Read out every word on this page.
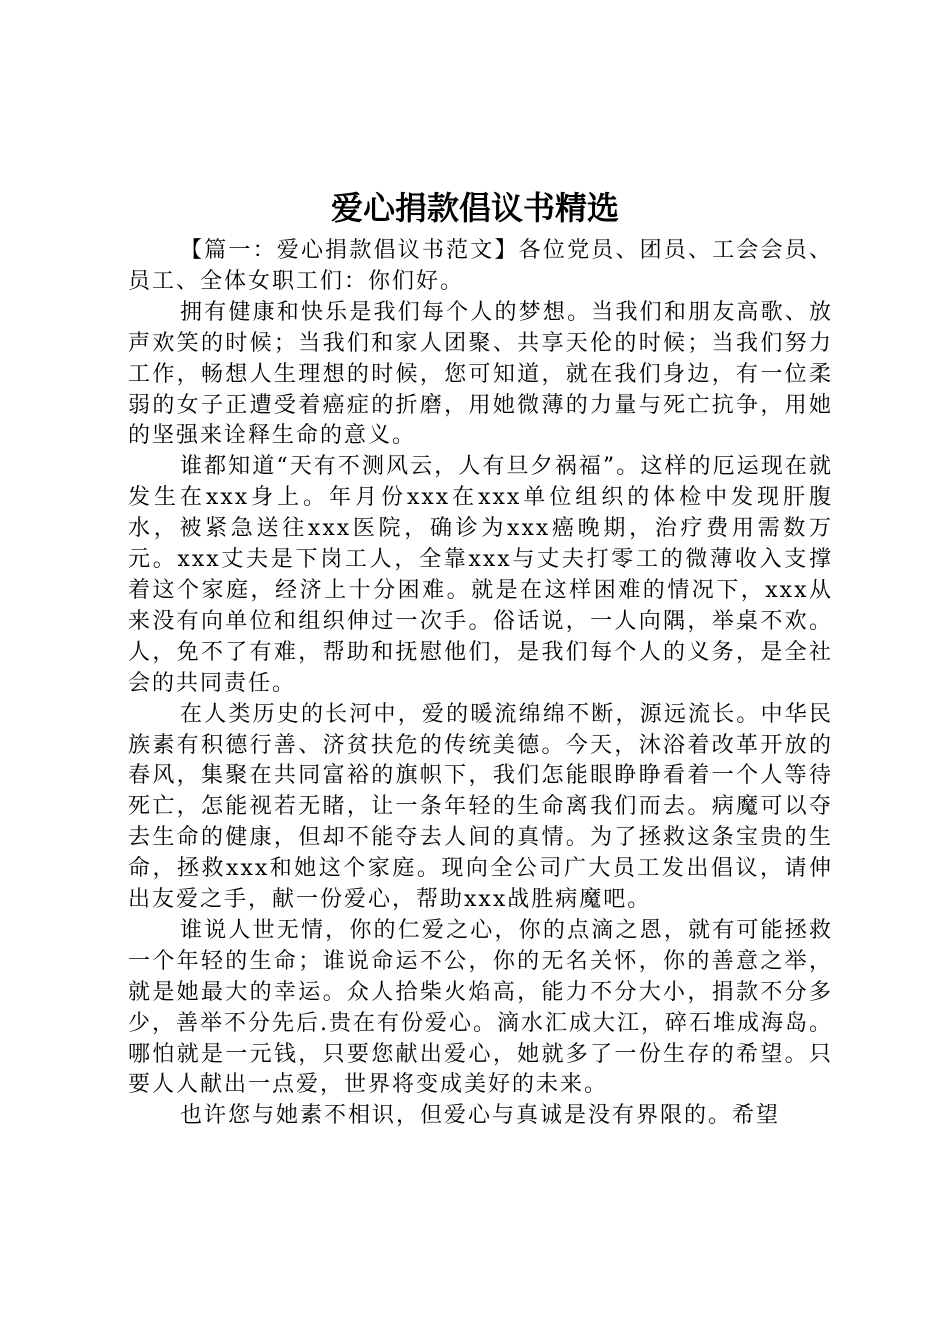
爱心捐款倡议书精选

【篇一：爱心捐款倡议书范文】各位党员、团员、工会会员、员工、全体女职工们：你们好。

拥有健康和快乐是我们每个人的梦想。当我们和朋友高歌、放声欢笑的时候；当我们和家人团聚、共享天伦的时候；当我们努力工作，畅想人生理想的时候，您可知道，就在我们身边，有一位柔弱的女子正遭受着癌症的折磨，用她微薄的力量与死亡抗争，用她的坚强来诠释生命的意义。

谁都知道“天有不测风云，人有旦夕祸福”。这样的厄运现在就发生在xxx身上。年月份xxx在xxx单位组织的体检中发现肝腹水，被紧急送往xxx医院，确诊为xxx癌晚期，治疗费用需数万元。xxx丈夫是下岗工人，全靠xxx与丈夫打零工的微薄收入支撑着这个家庭，经济上十分困难。就是在这样困难的情况下，xxx从来没有向单位和组织伸过一次手。俗话说，一人向隅，举桌不欢。人，免不了有难，帮助和抚慰他们，是我们每个人的义务，是全社会的共同责任。

在人类历史的长河中，爱的暖流绵绵不断，源远流长。中华民族素有积德行善、济贫扶危的传统美德。今天，沐浴着改革开放的春风，集聚在共同富裕的旗帜下，我们怎能眼睁睁看着一个人等待死亡，怎能视若无睹，让一条年轻的生命离我们而去。病魔可以夺去生命的健康，但却不能夺去人间的真情。为了拯救这条宝贵的生命，拯救xxx和她这个家庭。现向全公司广大员工发出倡议，请伸出友爱之手，献一份爱心，帮助xxx战胜病魔吧。

谁说人世无情，你的仁爱之心，你的点滴之恩，就有可能拯救一个年轻的生命；谁说命运不公，你的无名关怀，你的善意之举，就是她最大的幸运。众人拾柴火焰高，能力不分大小，捐款不分多少，善举不分先后.贵在有份爱心。滴水汇成大江，碎石堆成海岛。哪怕就是一元钱，只要您献出爱心，她就多了一份生存的希望。只要人人献出一点爱，世界将变成美好的未来。

也许您与她素不相识，但爱心与真诚是没有界限的。希望
